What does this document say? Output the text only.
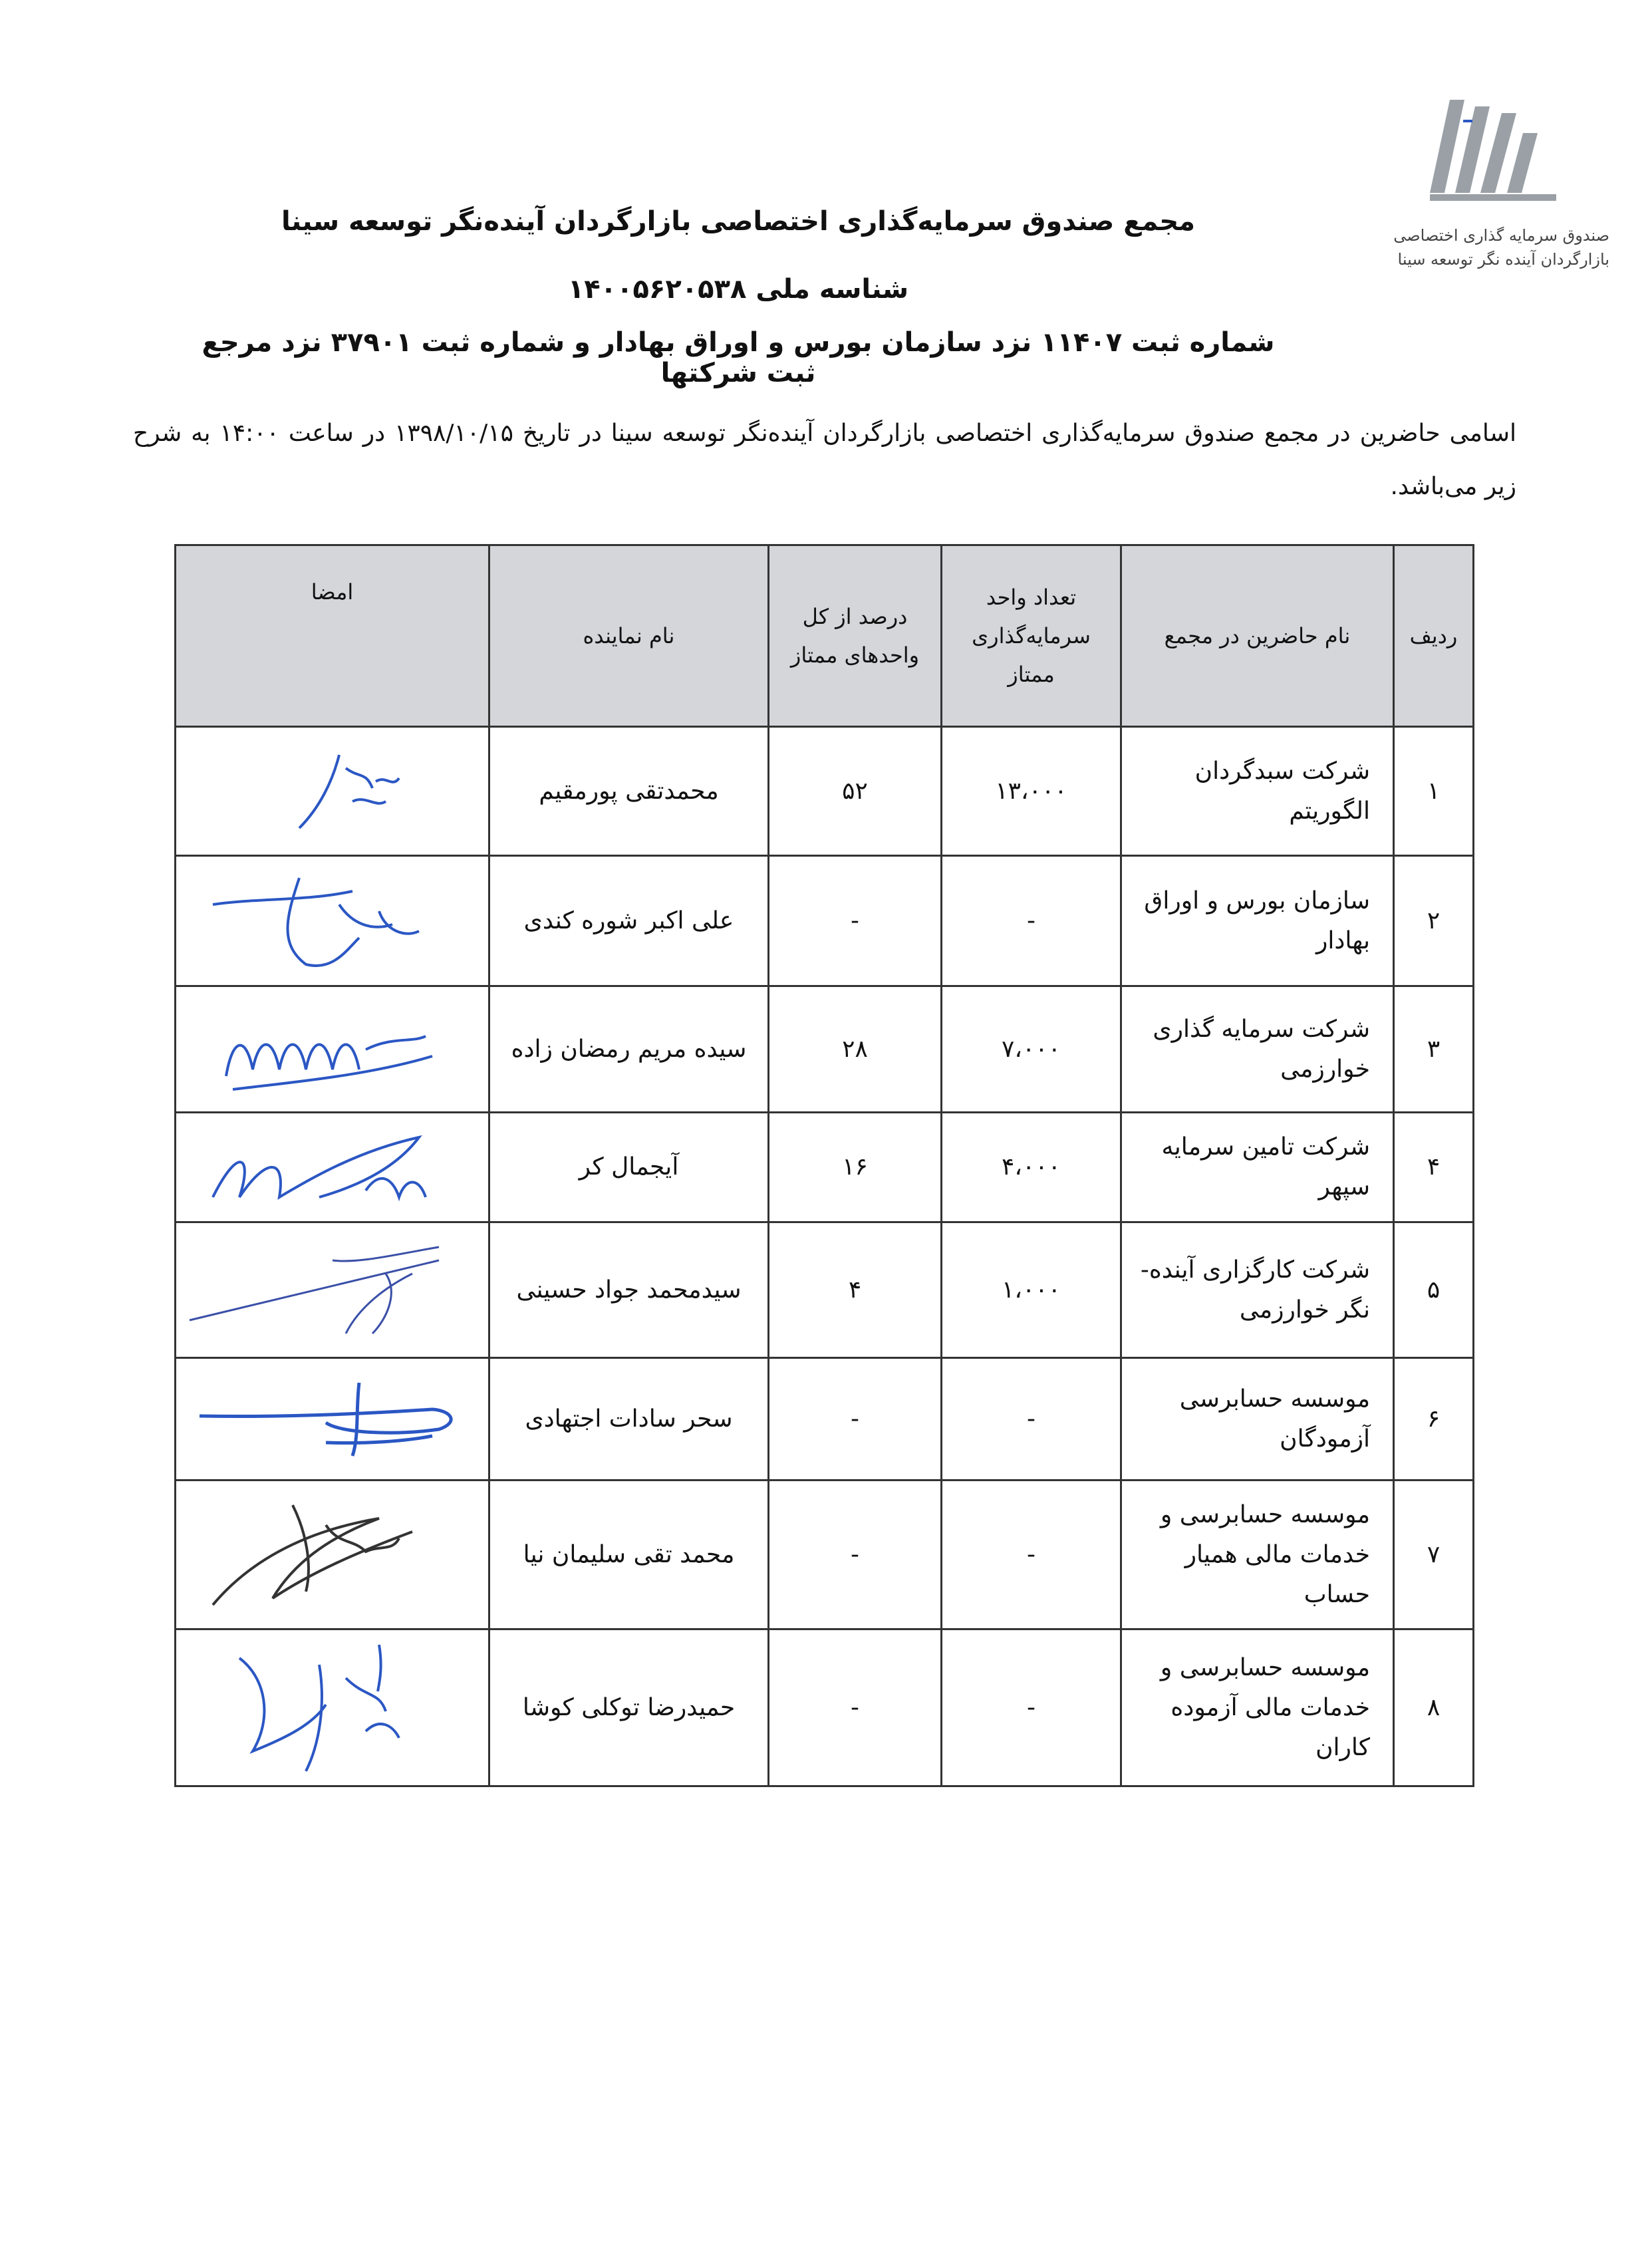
صندوق سرمایه گذاری اختصاصی
بازارگردان آینده نگر توسعه سینا
مجمع صندوق سرمایه‌گذاری اختصاصی بازارگردان آینده‌نگر توسعه سینا
شناسه ملی ۱۴۰۰۵۶۲۰۵۳۸
شماره ثبت ۱۱۴۰۷ نزد سازمان بورس و اوراق بهادار و شماره ثبت ۳۷۹۰۱ نزد مرجع ثبت شرکتها
اسامی حاضرین در مجمع صندوق سرمایه‌گذاری اختصاصی بازارگردان آینده‌نگر توسعه سینا در تاریخ ۱۳۹۸/۱۰/۱۵ در ساعت ۱۴:۰۰ به شرح زیر می‌باشد.
ردیف	نام حاضرین در مجمع	تعداد واحد سرمایه‌گذاری ممتاز	درصد از کل واحدهای ممتاز	نام نماینده	امضا
۱	شرکت سبدگردان الگوریتم	۱۳،۰۰۰	۵۲	محمدتقی پورمقیم	

۲	سازمان بورس و اوراق بهادار	-	-	علی اکبر شوره کندی	

۳	شرکت سرمایه گذاری خوارزمی	۷،۰۰۰	۲۸	سیده مریم رمضان زاده	

۴	شرکت تامین سرمایه سپهر	۴،۰۰۰	۱۶	آیجمال کر	

۵	شرکت کارگزاری آینده-نگر خوارزمی	۱،۰۰۰	۴	سیدمحمد جواد حسینی	

۶	موسسه حسابرسی آزمودگان	-	-	سحر سادات اجتهادی	

۷	موسسه حسابرسی و خدمات مالی همیار حساب	-	-	محمد تقی سلیمان نیا	

۸	موسسه حسابرسی و خدمات مالی آزموده کاران	-	-	حمیدرضا توکلی کوشا	
